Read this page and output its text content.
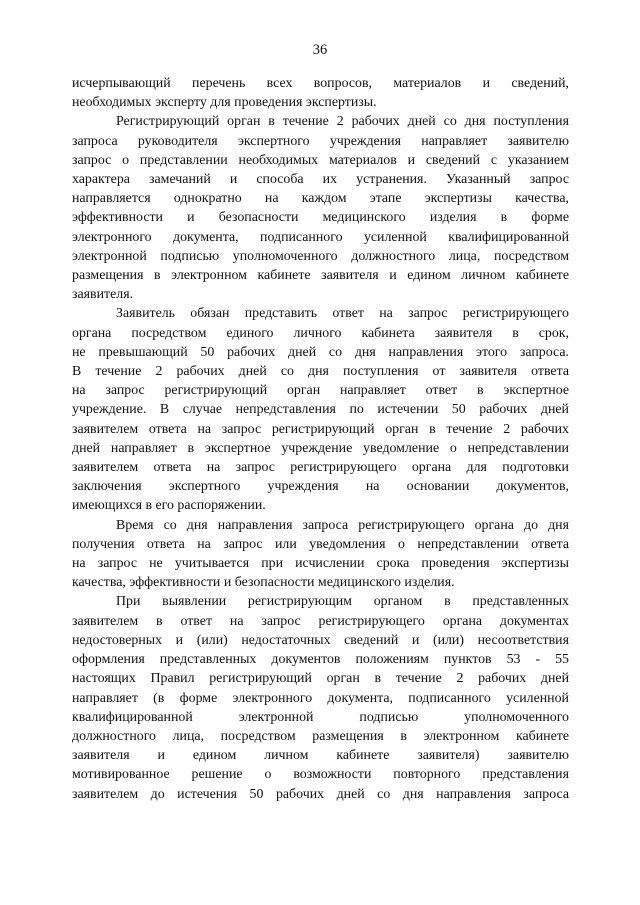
36

исчерпывающий перечень всех вопросов, материалов и сведений,
необходимых эксперту для проведения экспертизы.

Регистрирующий орган в течение 2 рабочих дней со дня поступления
запроса руководителя экспертного учреждения направляет заявителю
запрос о представлении необходимых материалов и сведений с указанием
характера замечаний и способа их устранения. Указанный запрос
направляется однократно на каждом этапе экспертизы качества,
эффективности и безопасности медицинского изделия в форме
электронного документа, подписанного усиленной квалифицированной
электронной подписью уполномоченного должностного лица, посредством
размещения в электронном кабинете заявителя и едином личном кабинете
заявителя.

Заявитель обязан представить ответ на запрос регистрирующего
органа посредством единого личного кабинета заявителя в срок,
не превышающий 50 рабочих дней со дня направления этого запроса.
В течение 2 рабочих дней со дня поступления от заявителя ответа
на запрос регистрирующий орган направляет ответ в экспертное
учреждение. В случае непредставления по истечении 50 рабочих дней
заявителем ответа на запрос регистрирующий орган в течение 2 рабочих
дней направляет в экспертное учреждение уведомление о непредставлении
заявителем ответа на запрос регистрирующего органа для подготовки
заключения экспертного учреждения на основании документов,
имеющихся в его распоряжении.

Время со дня направления запроса регистрирующего органа до дня
получения ответа на запрос или уведомления о непредставлении ответа
на запрос не учитывается при исчислении срока проведения экспертизы
качества, эффективности и безопасности медицинского изделия.

При выявлении регистрирующим органом в представленных
заявителем в ответ на запрос регистрирующего органа документах
недостоверных и (или) недостаточных сведений и (или) несоответствия
оформления представленных документов положениям пунктов 53 - 55
настоящих Правил регистрирующий орган в течение 2 рабочих дней
направляет (в форме электронного документа, подписанного усиленной
квалифицированной электронной подписью уполномоченного
должностного лица, посредством размещения в электронном кабинете
заявителя и едином личном кабинете заявителя) заявителю
мотивированное решение о возможности повторного представления
заявителем до истечения 50 рабочих дней со дня направления запроса
